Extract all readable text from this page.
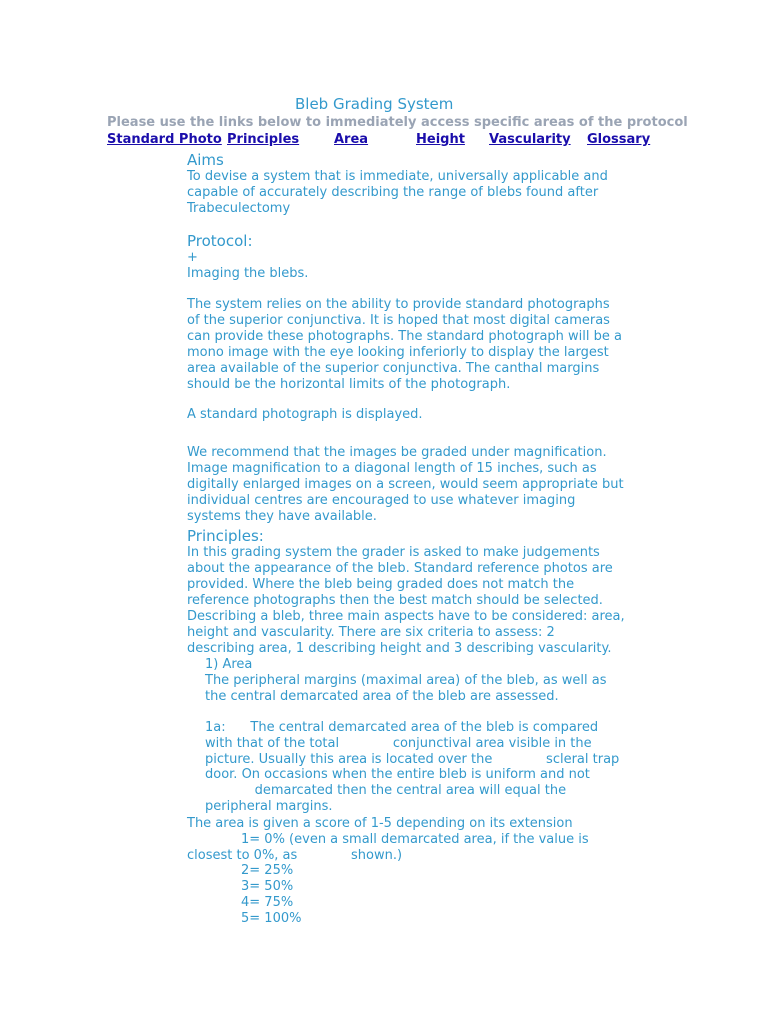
Bleb Grading System
Please use the links below to immediately access specific areas of the protocol
Standard Photo Principles	Area	Height Vascularity Glossary
Aims
To devise a system that is immediate, universally applicable and
capable of accurately describing the range of blebs found after
Trabeculectomy
Protocol:
+
Imaging the blebs.
The system relies on the ability to provide standard photographs
of the superior conjunctiva. It is hoped that most digital cameras
can provide these photographs. The standard photograph will be a
mono image with the eye looking inferiorly to display the largest
area available of the superior conjunctiva. The canthal margins
should be the horizontal limits of the photograph.
A standard photograph is displayed.
We recommend that the images be graded under magnification.
Image magnification to a diagonal length of 15 inches, such as
digitally enlarged images on a screen, would seem appropriate but
individual centres are encouraged to use whatever imaging
systems they have available.
Principles:
In this grading system the grader is asked to make judgements
about the appearance of the bleb. Standard reference photos are
provided. Where the bleb being graded does not match the
reference photographs then the best match should be selected.
Describing a bleb, three main aspects have to be considered: area,
height and vascularity. There are six criteria to assess: 2
describing area, 1 describing height and 3 describing vascularity.
1) Area
The peripheral margins (maximal area) of the bleb, as well as
the central demarcated area of the bleb are assessed.
1a:      The central demarcated area of the bleb is compared
with that of the total             conjunctival area visible in the
picture. Usually this area is located over the             scleral trap
door. On occasions when the entire bleb is uniform and not
demarcated then the central area will equal the
peripheral margins.
The area is given a score of 1-5 depending on its extension
1= 0% (even a small demarcated area, if the value is
closest to 0%, as             shown.)
2= 25%
3= 50%
4= 75%
5= 100%
